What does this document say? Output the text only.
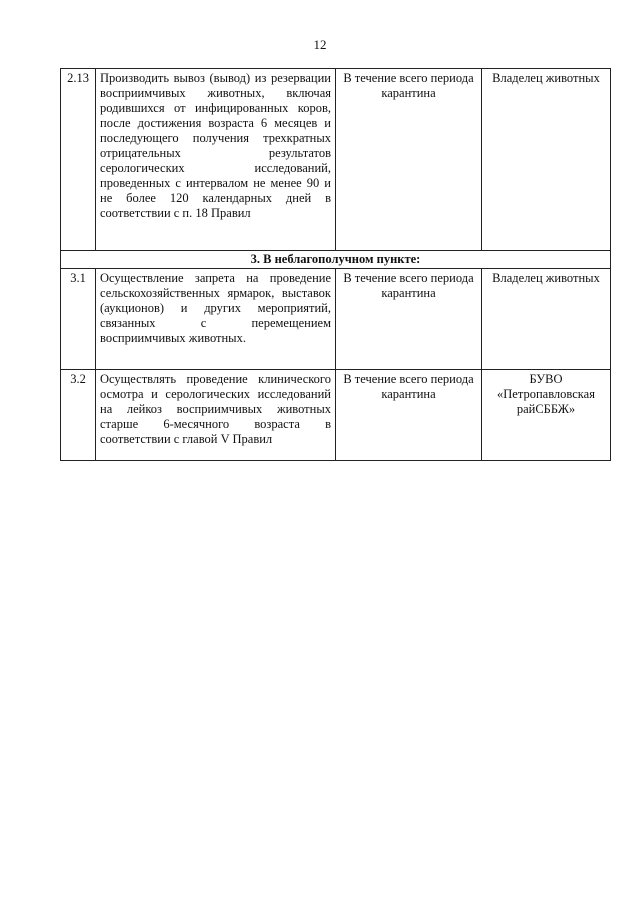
12
2.13	Производить вывоз (вывод) из резервации восприимчивых животных, включая родившихся от инфицированных коров, после достижения возраста 6 месяцев и последующего получения трехкратных отрицательных результатов серологических исследований, проведенных с интервалом не менее 90 и не более 120 календарных дней в соответствии с п. 18 Правил	В течение всего периода карантина	Владелец животных
3. В неблагополучном пункте:			
3.1	Осуществление запрета на проведение сельскохозяйственных ярмарок, выставок (аукционов) и других мероприятий, связанных с перемещением восприимчивых животных.	В течение всего периода карантина	Владелец животных
3.2	Осуществлять проведение клинического осмотра и серологических исследований на лейкоз восприимчивых животных старше 6-месячного возраста в соответствии с главой V Правил	В течение всего периода карантина	БУВО «Петропавловская райСББЖ»
